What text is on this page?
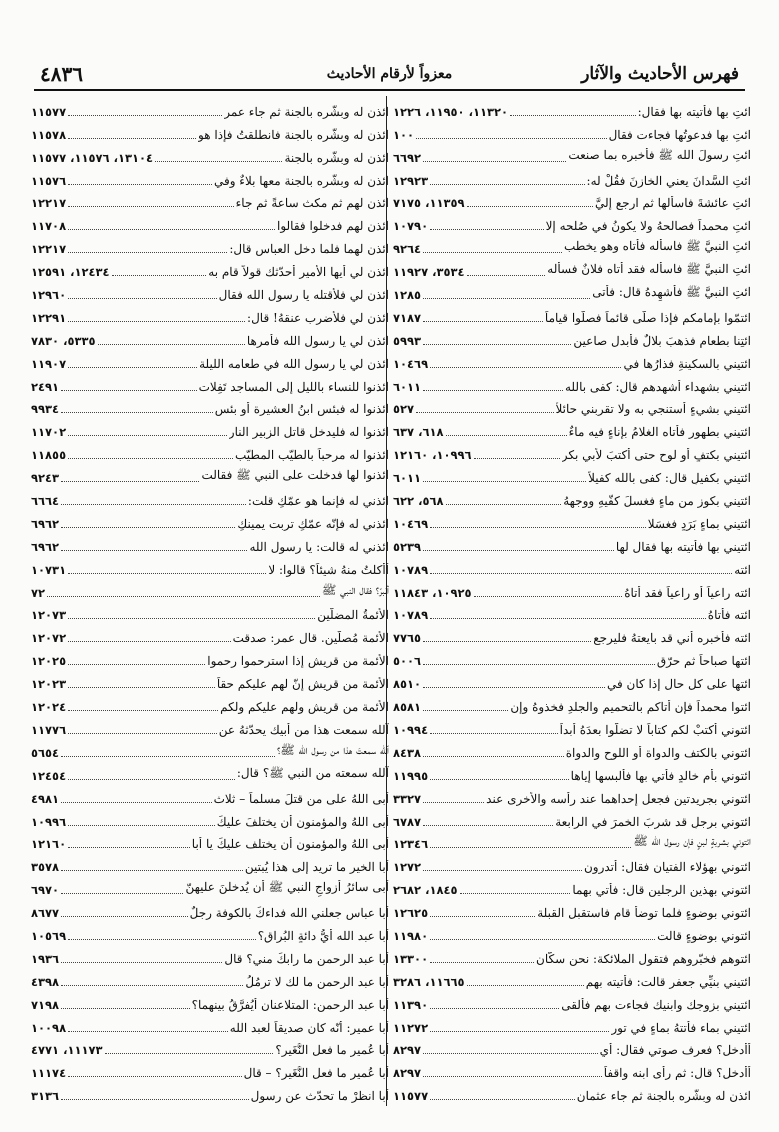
فهرس الأحاديث والآثار
معزواً لأرقام الأحاديث
٤٨٣٦
ائتِ بها فأتيته بها فقال:
١١٣٢٠، ١١٩٥٠، ١٢٢٦
ائتِ بها فدعوتُها فجاءت فقال
١٠٠
ائتِ رسولَ الله ﷺ فأخبره بما صنعت
٦٦٩٢
ائتِ السَّدانَ يعني الخازنَ فقُلْ له:
١٢٩٢٣
ائتِ عائشةَ فاسألها ثم ارجع إليَّ
١١٣٥٩، ٧١٧٥
ائتِ محمداً فصالحهُ ولا يكونُ في صُلحه إلا
١٠٧٩٠
ائتِ النبيَّ ﷺ فاسأله فأتاه وهو يخطب
٩٢٦٤
ائتِ النبيَّ ﷺ فاسأله فقد أتاه فلانٌ فسأله
٣٥٣٤، ١١٩٢٧
ائتِ النبيَّ ﷺ فأشهِدهُ قال: فأتى
١٢٨٥
ائتمّوا بإمامكم فإذا صلّى قائماً فصلّوا قياماً
٧١٨٧
ائتِنا بطعامٍ فذهبَ بلالٌ فأبدل صاعين
٥٩٩٣
ائتيني بالسكينةِ فذارُها في
١٠٤٦٩
ائتيني بشهداء أشهدهم قال: كفى بالله
٦٠١١
ائتيني بشيءٍ أستنجي به ولا تقربني حائلاً
٥٢٧
ائتيني بطهورٍ فأتاه الغلامُ بإناءٍ فيه ماءٌ
٦١٨، ٦٣٧
ائتيني بكتفٍ أو لوحٍ حتى أكتبَ لأبي بكرٍ
١٠٩٩٦، ١٢١٦٠
ائتيني بكفيلٍ قال: كفى بالله كفيلاً
٦٠١١
ائتيني بكوزٍ من ماءٍ فغسلَ كفّيهِ ووجههُ
٥٦٨، ٦٢٢
ائتيني بماءٍ بَرَدٍ فغسَلا
١٠٤٦٩
ائتيني بها فأتيته بها فقال لها
٥٢٣٩
ائته
١٠٧٨٩
ائته راعياً أو راعياً فقد أتاهُ
١٠٩٢٥، ١١٨٤٣
ائته فأتاهُ
١٠٧٨٩
ائته فأخبره أني قد بايعتهُ فليرجع
٧٧٦٥
ائتها صباحاً ثم حرّق
٥٠٠٦
ائتها على كل حال إذا كان في
٨٥١٠
ائتوا محمداً فإن أتاكم بالتحميمِ والجلدِ فخذوهُ وإن
٨٥٨١
ائتوني أكتبْ لكم كتاباً لا تضلّوا بعدَهُ أبداً
١٠٩٩٤
ائتوني بالكتف والدواة أو اللوح والدواة
٨٤٣٨
ائتوني بأم خالدٍ فأُتي بها فألبسها إياها
١١٩٩٥
ائتوني بجريدتين فجعل إحداهما عند رأسه والأخرى عند
٣٣٢٧
ائتوني برجلٍ قد شربَ الخمرَ في الرابعة
٦٧٨٧
ائتوني بشربةٍ لبنٍ فإن رسول الله ﷺ
١٢٣٤٦
ائتوني بهؤلاء الفتيان فقال: أتدرون
١٢٧٢
ائتوني بهذين الرجلين قال: فأُتي بهما
١٨٤٥، ٢٦٨٢
ائتوني بوضوءٍ فلما توضأ قام فاستقبل القبلة
١٢٦٢٥
ائتوني بوضوءٍ قالت
١١٩٨٠
ائتوهم فخبّروهم فتقول الملائكة: نحن سكّان
١٣٣٠٠
ائتيني بنيِّي جعفر قالت: فأتيته بهم
١١٦٦٥، ٣٢٨٦
ائتيني بزوجك وابنيك فجاءت بهم فألقى
١١٣٩٠
ائتيني بماء فأتتهُ بماءٍ في تورٍ
١١٢٧٢
أأدخل؟ فعرف صوتي فقال: أي
٨٢٩٧
أأدخل؟ قال: ثم رأى ابنه واقفاً
٨٢٩٧
ائذن له وبشّره بالجنة ثم جاء عثمان
١١٥٧٧
ائذن له وبشّره بالجنة ثم جاء عمر
١١٥٧٧
ائذن له وبشّره بالجنة فانطلقتُ فإذا هو
١١٥٧٨
ائذن له وبشّره بالجنة
١٣١٠٤، ١١٥٧٦، ١١٥٧٧
ائذن له وبشّره بالجنة معها بلاءٌ وفي
١١٥٧٦
ائذن لهم ثم مكث ساعةً ثم جاء
١٢٢١٧
ائذن لهم فدخلوا فقالوا
١١٧٠٨
ائذن لهما فلما دخل العباس قال:
١٢٢١٧
ائذن لي أيها الأمير أحدّثك قولاً قام به
١٢٤٣٤، ١٢٥٩١
ائذن لي فلأقتله يا رسول الله فقال
١٢٩٦٠
ائذن لي فلأضرب عنقهُ! قال:
١٢٢٩١
ائذن لي يا رسول الله فأمرها
٥٣٣٥، ٧٨٣٠
ائذن لي يا رسول الله في طعامه الليلة
١١٩٠٧
ائذنوا للنساء بالليل إلى المساجد تَفِلات
٢٤٩١
ائذنوا له فبئس ابنُ العشيرة أو بئس
٩٩٣٤
ائذنوا له فليدخل قاتل الزبير النار
١١٧٠٢
ائذنوا له مرحباً بالطيّب المطيّب
١١٨٥٥
ائذنوا لها فدخلت على النبي ﷺ فقالت
٩٢٤٣
ائذني له فإنما هو عمّكِ قلت:
٦٦٦٤
ائذني له فإنّه عمّكِ تربت يمينكِ
٦٩٦٢
ائذني له قالت: يا رسول الله
٦٩٦٢
أأكلتُ منهُ شيئاً؟ قالوا: لا
١٠٧٣١
آلبرّ؟ فقال النبي ﷺ
٧٢
الأئمةُ المضلّين
١٢٠٧٣
الأئمة مُصلّين. قال عمر: صدقت
١٢٠٧٢
الأئمة من قريش إذا استرحموا رحموا
١٢٠٢٥
الأئمة من قريش إنّ لهم عليكم حقاً
١٢٠٢٣
الأئمة من قريش ولهم عليكم ولكم
١٢٠٢٤
آلله سمعت هذا من أبيك يحدّثهُ عن
١١٧٧٦
آلله سمعتَ هذا من رسول الله ﷺ؟
٥٦٥٤
آلله سمعته من النبي ﷺ؟ قال:
١٢٤٥٤
أبى اللهُ على من قتلَ مسلماً – ثلاث
٤٩٨١
أبى اللهُ والمؤمنون أن يختلفَ عليكَ
١٠٩٩٦
أبى اللهُ والمؤمنون أن يختلف عليكَ يا أبا
١٢١٦٠
أبا الخير ما تريد إلى هذا يُبتين
٣٥٧٨
أبى سائرُ أزواجِ النبي ﷺ أن يُدخلنَ عليهنّ
٦٩٧٠
أبا عباس جعلني الله فداءكَ بالكوفة رجلٌ
٨٦٧٧
أبا عبد الله أيُّ دائةٍ البُراق؟
١٠٥٦٩
أبا عبد الرحمن ما رابكَ مني؟ قال
١٩٣٦
أبا عبد الرحمن ما لك لا ترمُلُ
٤٣٩٨
أبا عبد الرحمن: المتلاعنان أيُفرَّقُ بينهما؟
٧١٩٨
أبا عمير: أنّه كان صديقاً لعبد الله
١٠٠٩٨
أبا عُمير ما فعل النُّغَير؟
١١١٧٣، ٤٧٧١
أبا عُمير ما فعل النُّغَير؟ – قال
١١١٧٤
أبا انظرْ ما تحدّث عن رسول
٣١٣٦
